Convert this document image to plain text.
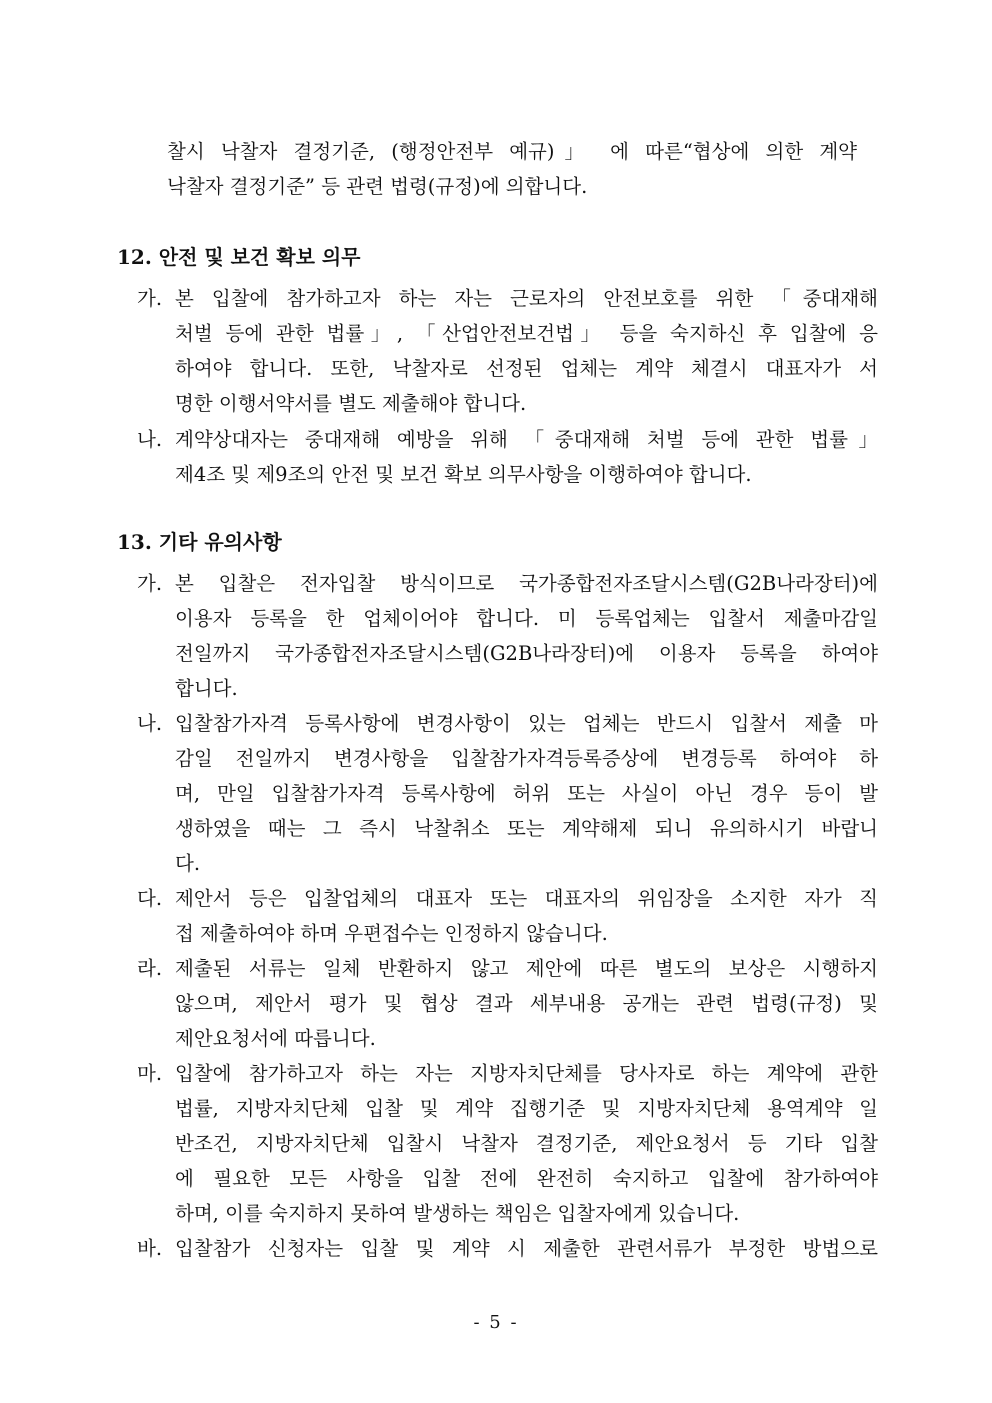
찰시 낙찰자 결정기준, (행정안전부 예규)」 에 따른“협상에 의한 계약
낙찰자 결정기준” 등 관련 법령(규정)에 의합니다.
12. 안전 및 보건 확보 의무
가. 본 입찰에 참가하고자 하는 자는 근로자의 안전보호를 위한 「중대재해
처벌 등에 관한 법률」, 「산업안전보건법」 등을 숙지하신 후 입찰에 응
하여야 합니다. 또한, 낙찰자로 선정된 업체는 계약 체결시 대표자가 서
명한 이행서약서를 별도 제출해야 합니다.
나. 계약상대자는 중대재해 예방을 위해 「중대재해 처벌 등에 관한 법률」
제4조 및 제9조의 안전 및 보건 확보 의무사항을 이행하여야 합니다.
13. 기타 유의사항
가. 본 입찰은 전자입찰 방식이므로 국가종합전자조달시스템(G2B나라장터)에
이용자 등록을 한 업체이어야 합니다. 미 등록업체는 입찰서 제출마감일
전일까지 국가종합전자조달시스템(G2B나라장터)에 이용자 등록을 하여야
합니다.
나. 입찰참가자격 등록사항에 변경사항이 있는 업체는 반드시 입찰서 제출 마
감일 전일까지 변경사항을 입찰참가자격등록증상에 변경등록 하여야 하
며, 만일 입찰참가자격 등록사항에 허위 또는 사실이 아닌 경우 등이 발
생하였을 때는 그 즉시 낙찰취소 또는 계약해제 되니 유의하시기 바랍니
다.
다. 제안서 등은 입찰업체의 대표자 또는 대표자의 위임장을 소지한 자가 직
접 제출하여야 하며 우편접수는 인정하지 않습니다.
라. 제출된 서류는 일체 반환하지 않고 제안에 따른 별도의 보상은 시행하지
않으며, 제안서 평가 및 협상 결과 세부내용 공개는 관련 법령(규정) 및
제안요청서에 따릅니다.
마. 입찰에 참가하고자 하는 자는 지방자치단체를 당사자로 하는 계약에 관한
법률, 지방자치단체 입찰 및 계약 집행기준 및 지방자치단체 용역계약 일
반조건, 지방자치단체 입찰시 낙찰자 결정기준, 제안요청서 등 기타 입찰
에 필요한 모든 사항을 입찰 전에 완전히 숙지하고 입찰에 참가하여야
하며, 이를 숙지하지 못하여 발생하는 책임은 입찰자에게 있습니다.
바. 입찰참가 신청자는 입찰 및 계약 시 제출한 관련서류가 부정한 방법으로
- 5 -
